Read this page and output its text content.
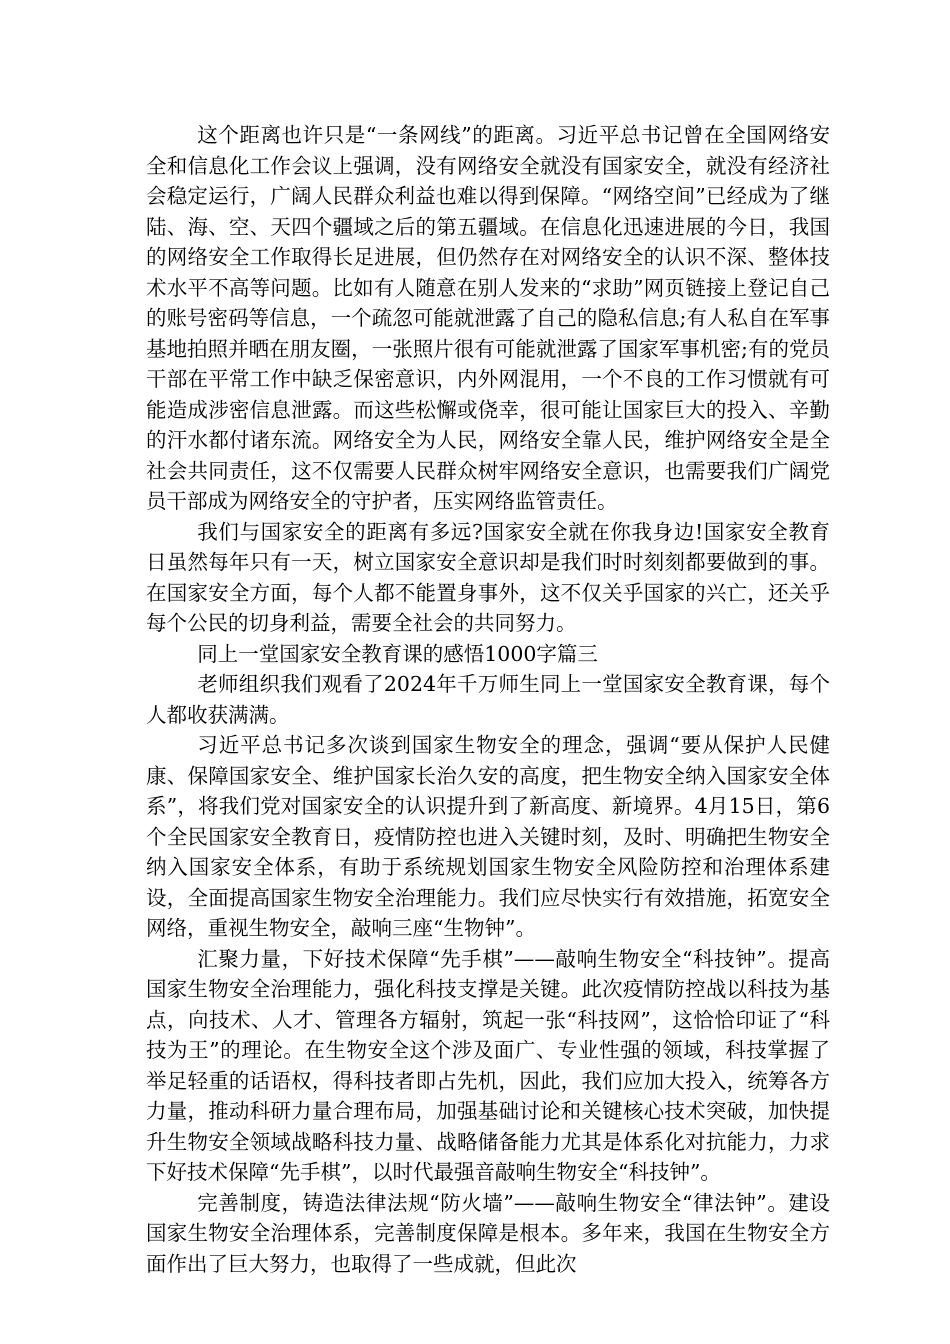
这个距离也许只是“一条网线”的距离。习近平总书记曾在全国网络安全和信息化工作会议上强调，没有网络安全就没有国家安全，就没有经济社会稳定运行，广阔人民群众利益也难以得到保障。“网络空间”已经成为了继陆、海、空、天四个疆域之后的第五疆域。在信息化迅速进展的今日，我国的网络安全工作取得长足进展，但仍然存在对网络安全的认识不深、整体技术水平不高等问题。比如有人随意在别人发来的“求助”网页链接上登记自己的账号密码等信息，一个疏忽可能就泄露了自己的隐私信息;有人私自在军事基地拍照并晒在朋友圈，一张照片很有可能就泄露了国家军事机密;有的党员干部在平常工作中缺乏保密意识，内外网混用，一个不良的工作习惯就有可能造成涉密信息泄露。而这些松懈或侥幸，很可能让国家巨大的投入、辛勤的汗水都付诸东流。网络安全为人民，网络安全靠人民，维护网络安全是全社会共同责任，这不仅需要人民群众树牢网络安全意识，也需要我们广阔党员干部成为网络安全的守护者，压实网络监管责任。

我们与国家安全的距离有多远?国家安全就在你我身边!国家安全教育日虽然每年只有一天，树立国家安全意识却是我们时时刻刻都要做到的事。在国家安全方面，每个人都不能置身事外，这不仅关乎国家的兴亡，还关乎每个公民的切身利益，需要全社会的共同努力。

同上一堂国家安全教育课的感悟1000字篇三

老师组织我们观看了2024年千万师生同上一堂国家安全教育课，每个人都收获满满。

习近平总书记多次谈到国家生物安全的理念，强调“要从保护人民健康、保障国家安全、维护国家长治久安的高度，把生物安全纳入国家安全体系”，将我们党对国家安全的认识提升到了新高度、新境界。4月15日，第6个全民国家安全教育日，疫情防控也进入关键时刻，及时、明确把生物安全纳入国家安全体系，有助于系统规划国家生物安全风险防控和治理体系建设，全面提高国家生物安全治理能力。我们应尽快实行有效措施，拓宽安全网络，重视生物安全，敲响三座“生物钟”。

汇聚力量，下好技术保障“先手棋”——敲响生物安全“科技钟”。提高国家生物安全治理能力，强化科技支撑是关键。此次疫情防控战以科技为基点，向技术、人才、管理各方辐射，筑起一张“科技网”，这恰恰印证了“科技为王”的理论。在生物安全这个涉及面广、专业性强的领域，科技掌握了举足轻重的话语权，得科技者即占先机，因此，我们应加大投入，统筹各方力量，推动科研力量合理布局，加强基础讨论和关键核心技术突破，加快提升生物安全领域战略科技力量、战略储备能力尤其是体系化对抗能力，力求下好技术保障“先手棋”，以时代最强音敲响生物安全“科技钟”。

完善制度，铸造法律法规“防火墙”——敲响生物安全“律法钟”。建设国家生物安全治理体系，完善制度保障是根本。多年来，我国在生物安全方面作出了巨大努力，也取得了一些成就，但此次
